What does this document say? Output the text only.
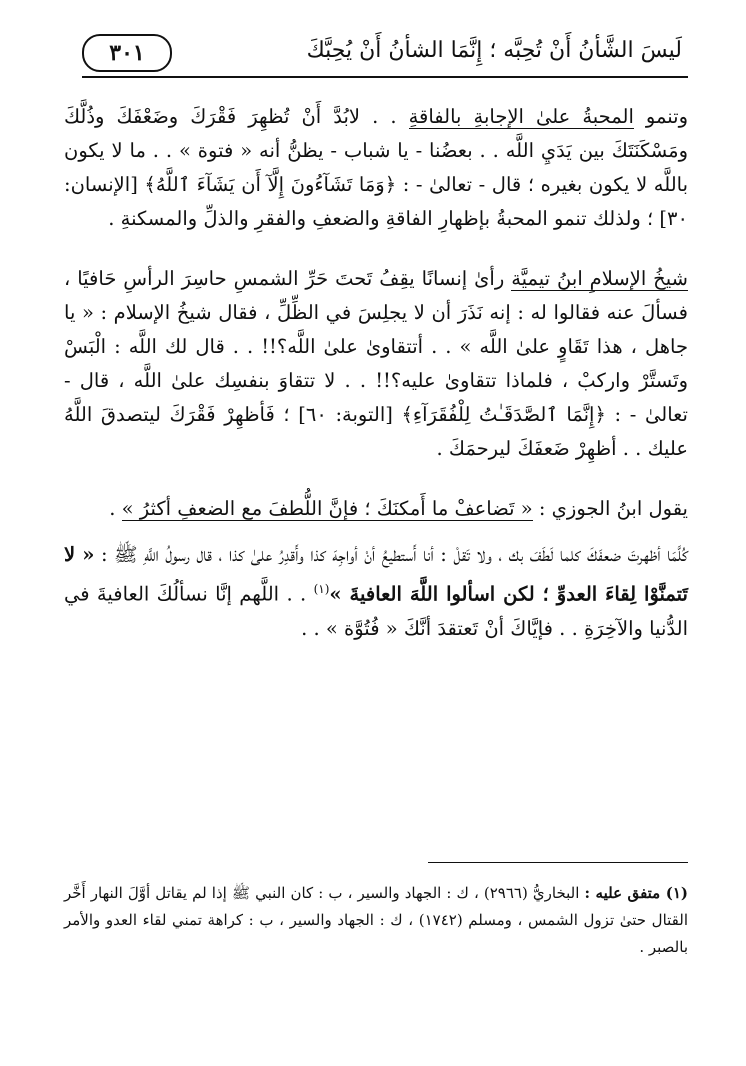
٣٠١	لَيسَ الشَّأنُ أَنْ تُحِبَّه ؛ إِنَّمَا الشأنُ أَنْ يُحِبَّكَ

وتنمو المحبةُ علىٰ الإجابةِ بالفاقةِ . . لابُدَّ أَنْ تُظهِرَ فَقْرَكَ وضَعْفَكَ وذُلَّكَ ومَسْكَنَتَكَ بين يَدَيِ اللَّه . . بعضُنا - يا شباب - يظنُّ أنه « فتوة » . . ما لا يكون باللَّه لا يكون بغيره ؛ قال - تعالىٰ - : ﴿وَمَا تَشَآءُونَ إِلَّآ أَن يَشَآءَ ٱللَّهُ﴾ [الإنسان: ٣٠] ؛ ولذلك تنمو المحبةُ بإظهارِ الفاقةِ والضعفِ والفقرِ والذلِّ والمسكنةِ .

شيخُ الإسلامِ ابنُ تيميَّة رأىٰ إنسانًا يقِفُ تَحتَ حَرِّ الشمسِ حاسِرَ الرأسِ حَافيًا ، فسألَ عنه فقالوا له : إنه نَذَرَ أن لا يجلِسَ في الظِّلِّ ، فقال شيخُ الإسلام : « يا جاهل ، هذا تَقَاوٍ علىٰ اللَّه » . . أتتقاوىٰ علىٰ اللَّه؟!! . . قال لك اللَّه : الْبَسْ وتَستَّرْ واركبْ ، فلماذا تتقاوىٰ عليه؟!! . . لا تتقاوَ بنفسِك علىٰ اللَّه ، قال - تعالىٰ - : ﴿إِنَّمَا ٱلصَّدَقَـٰتُ لِلْفُقَرَآءِ﴾ [التوبة: ٦٠] ؛ فَأظهِرْ فَقْرَكَ ليتصدقَ اللَّهُ عليك . . أظهِرْ ضَعفَكَ ليرحمَكَ .

يقول ابنُ الجوزي : « تَضاعفْ ما أَمكنَكَ ؛ فإنَّ اللُّطفَ مع الضعفِ أكثرُ » .

كُلَّمَا أظهرتَ ضعفَكَ كلما لَطَفَ بك ، ولا تَقلْ : أنا أَستطيعُ أنْ أواجِهَ كذا وأَقدِرُ علىٰ كذا ، قال رسولُ اللَّهِ ﷺ : « لا تَتمنَّوْا لِقاءَ العدوِّ ؛ لكن اسألوا اللَّهَ العافيةَ »$^{(١)}$ . . اللَّهم إنَّا نسألُكَ العافيةَ في الدُّنيا والآخِرَةِ . . فإيَّاكَ أنْ تَعتقدَ أنَّكَ « فُتُوَّة » . .

(١) متفق عليه : البخاريُّ (٢٩٦٦) ، ك : الجهاد والسير ، ب : كان النبي ﷺ إذا لم يقاتل أوَّلَ النهار أَخَّر القتال حتىٰ تزول الشمس ، ومسلم (١٧٤٢) ، ك : الجهاد والسير ، ب : كراهة تمني لقاء العدو والأمر بالصبر .
